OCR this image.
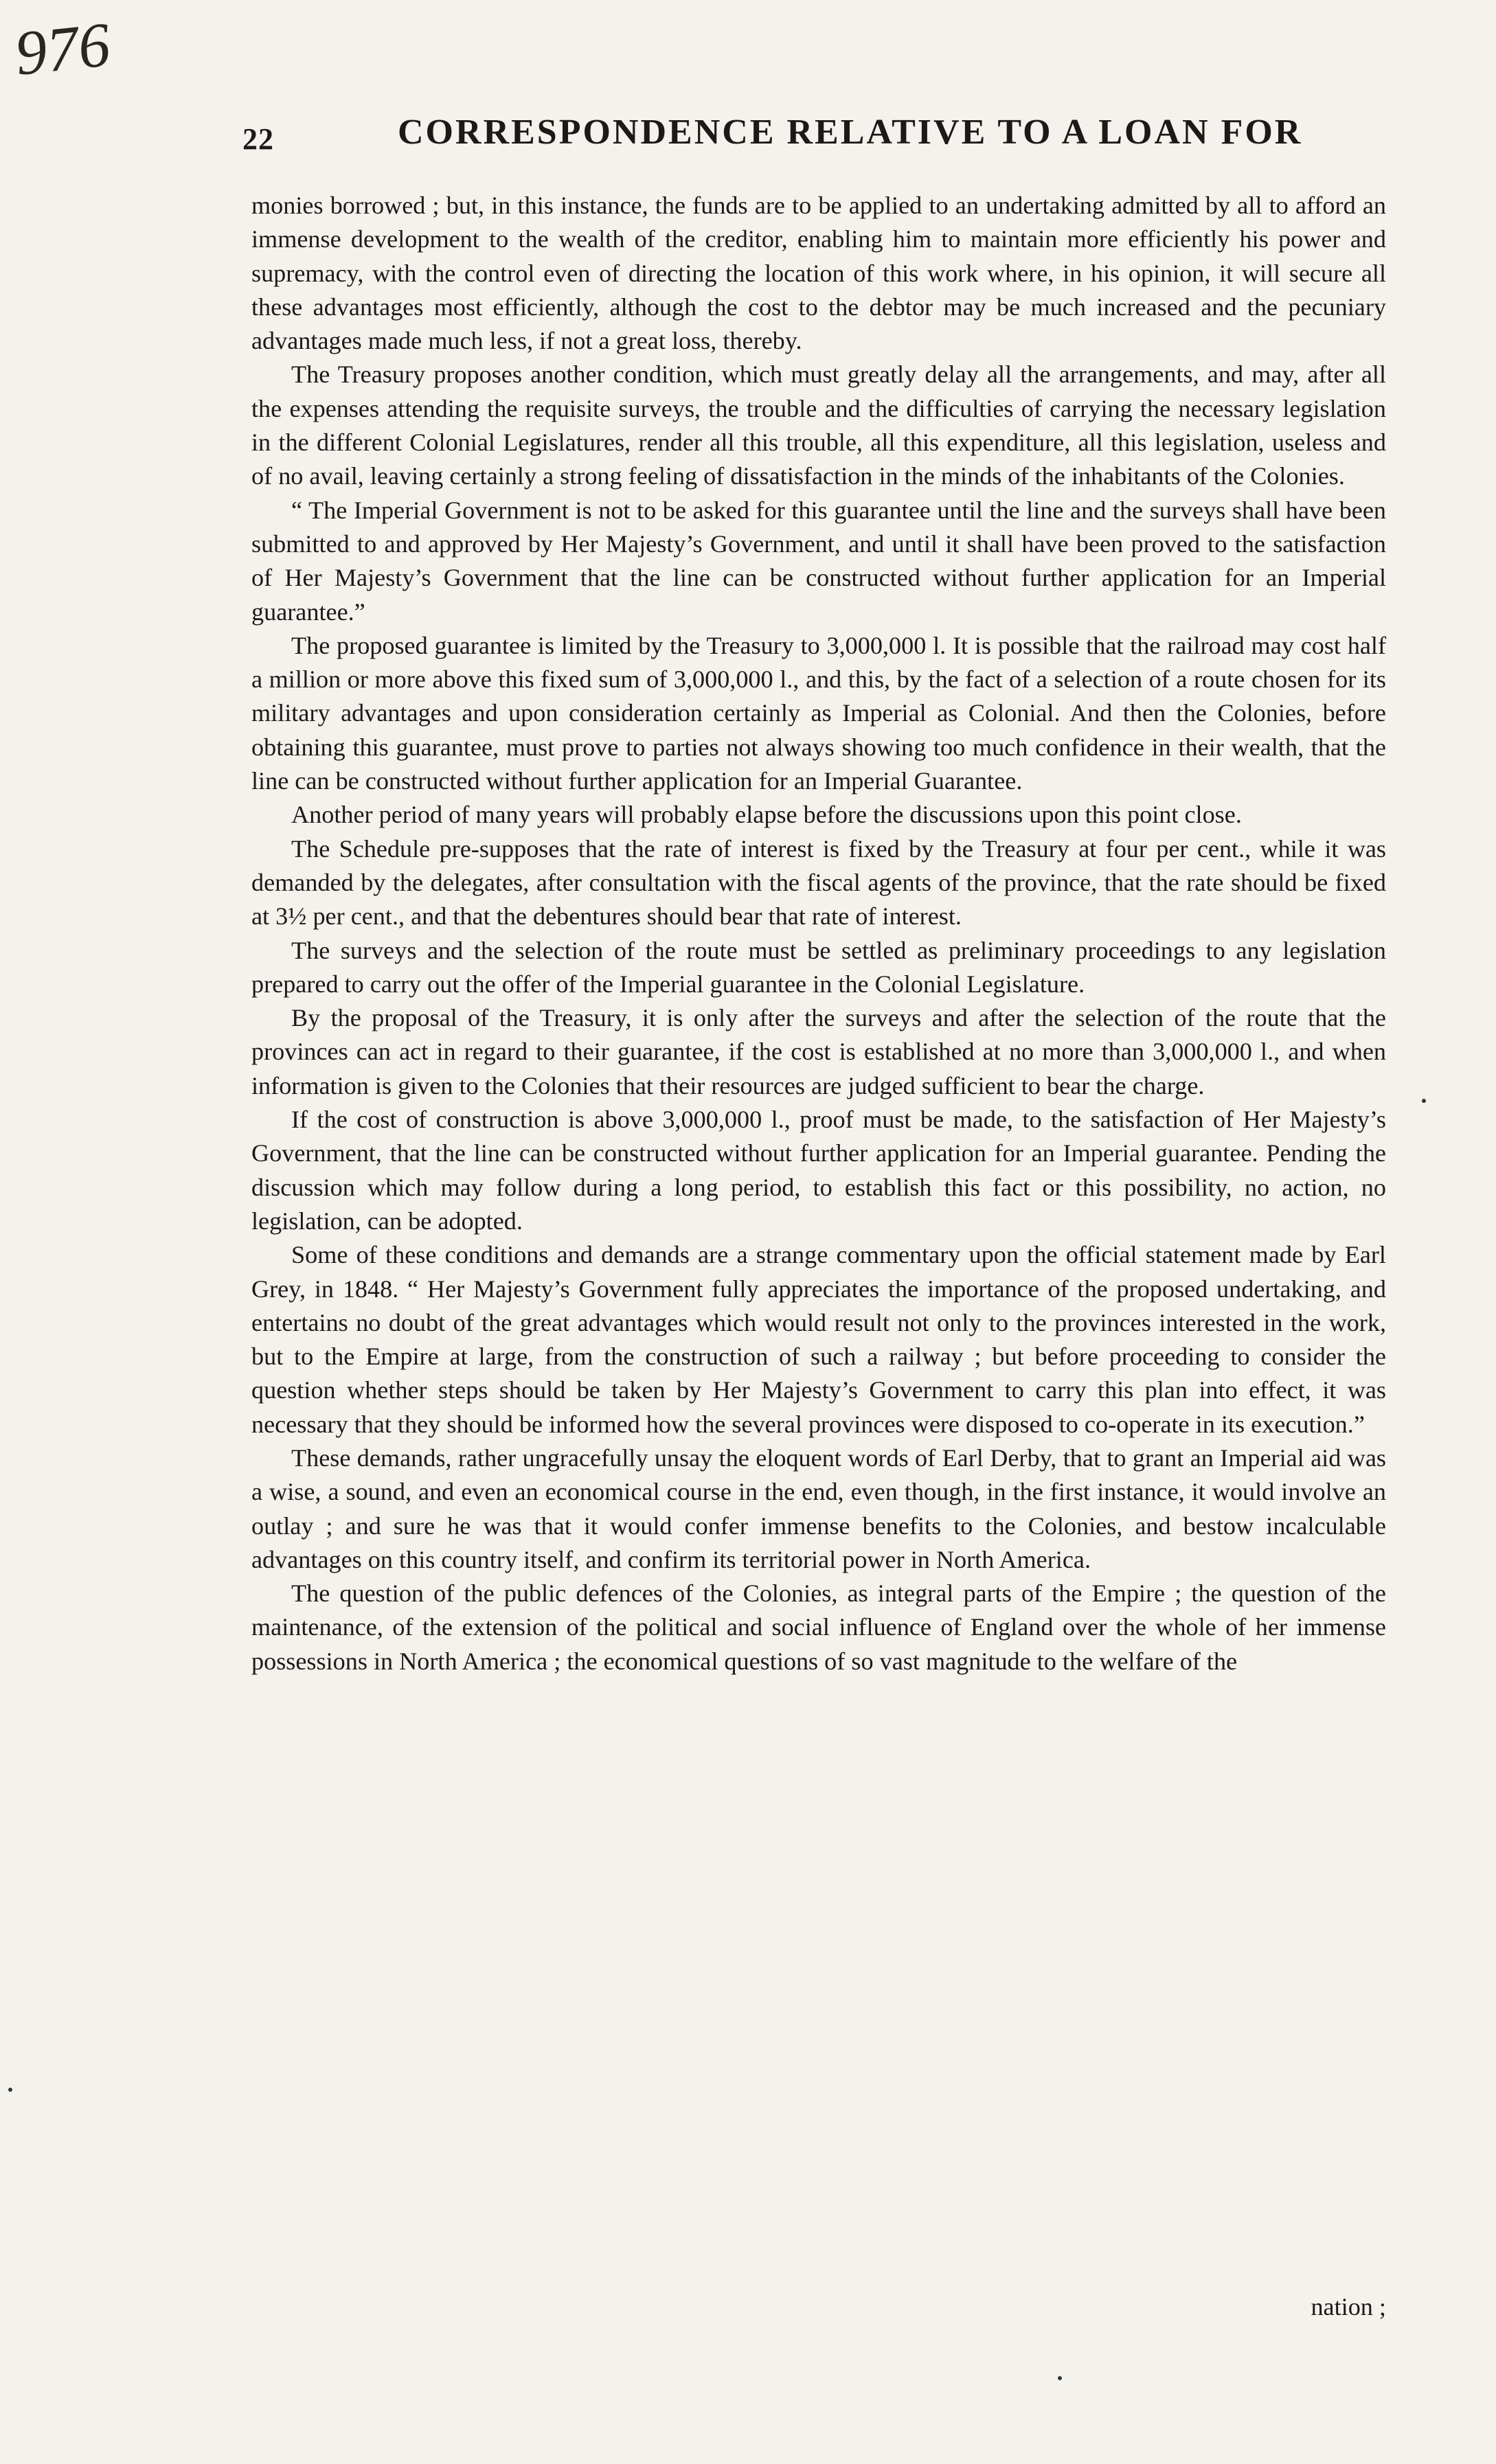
976
22	CORRESPONDENCE RELATIVE TO A LOAN FOR

monies borrowed ; but, in this instance, the funds are to be applied to an undertaking admitted by all to afford an immense development to the wealth of the creditor, enabling him to maintain more efficiently his power and supremacy, with the control even of directing the location of this work where, in his opinion, it will secure all these advantages most efficiently, although the cost to the debtor may be much increased and the pecuniary advantages made much less, if not a great loss, thereby.

The Treasury proposes another condition, which must greatly delay all the arrangements, and may, after all the expenses attending the requisite surveys, the trouble and the difficulties of carrying the necessary legislation in the different Colonial Legislatures, render all this trouble, all this expenditure, all this legislation, useless and of no avail, leaving certainly a strong feeling of dissatisfaction in the minds of the inhabitants of the Colonies.

“ The Imperial Government is not to be asked for this guarantee until the line and the surveys shall have been submitted to and approved by Her Majesty’s Government, and until it shall have been proved to the satisfaction of Her Majesty’s Government that the line can be constructed without further application for an Imperial guarantee.”

The proposed guarantee is limited by the Treasury to 3,000,000 l. It is possible that the railroad may cost half a million or more above this fixed sum of 3,000,000 l., and this, by the fact of a selection of a route chosen for its military advantages and upon consideration certainly as Imperial as Colonial. And then the Colonies, before obtaining this guarantee, must prove to parties not always showing too much confidence in their wealth, that the line can be constructed without further application for an Imperial Guarantee.

Another period of many years will probably elapse before the discussions upon this point close.

The Schedule pre-supposes that the rate of interest is fixed by the Treasury at four per cent., while it was demanded by the delegates, after consultation with the fiscal agents of the province, that the rate should be fixed at 3½ per cent., and that the debentures should bear that rate of interest.

The surveys and the selection of the route must be settled as preliminary proceedings to any legislation prepared to carry out the offer of the Imperial guarantee in the Colonial Legislature.

By the proposal of the Treasury, it is only after the surveys and after the selection of the route that the provinces can act in regard to their guarantee, if the cost is established at no more than 3,000,000 l., and when information is given to the Colonies that their resources are judged sufficient to bear the charge.

If the cost of construction is above 3,000,000 l., proof must be made, to the satisfaction of Her Majesty’s Government, that the line can be constructed without further application for an Imperial guarantee. Pending the discussion which may follow during a long period, to establish this fact or this possibility, no action, no legislation, can be adopted.

Some of these conditions and demands are a strange commentary upon the official statement made by Earl Grey, in 1848. “ Her Majesty’s Government fully appreciates the importance of the proposed undertaking, and entertains no doubt of the great advantages which would result not only to the provinces interested in the work, but to the Empire at large, from the construction of such a railway ; but before proceeding to consider the question whether steps should be taken by Her Majesty’s Government to carry this plan into effect, it was necessary that they should be informed how the several provinces were disposed to co-operate in its execution.”

These demands, rather ungracefully unsay the eloquent words of Earl Derby, that to grant an Imperial aid was a wise, a sound, and even an economical course in the end, even though, in the first instance, it would involve an outlay ; and sure he was that it would confer immense benefits to the Colonies, and bestow incalculable advantages on this country itself, and confirm its territorial power in North America.

The question of the public defences of the Colonies, as integral parts of the Empire ; the question of the maintenance, of the extension of the political and social influence of England over the whole of her immense possessions in North America ; the economical questions of so vast magnitude to the welfare of the

nation ;
